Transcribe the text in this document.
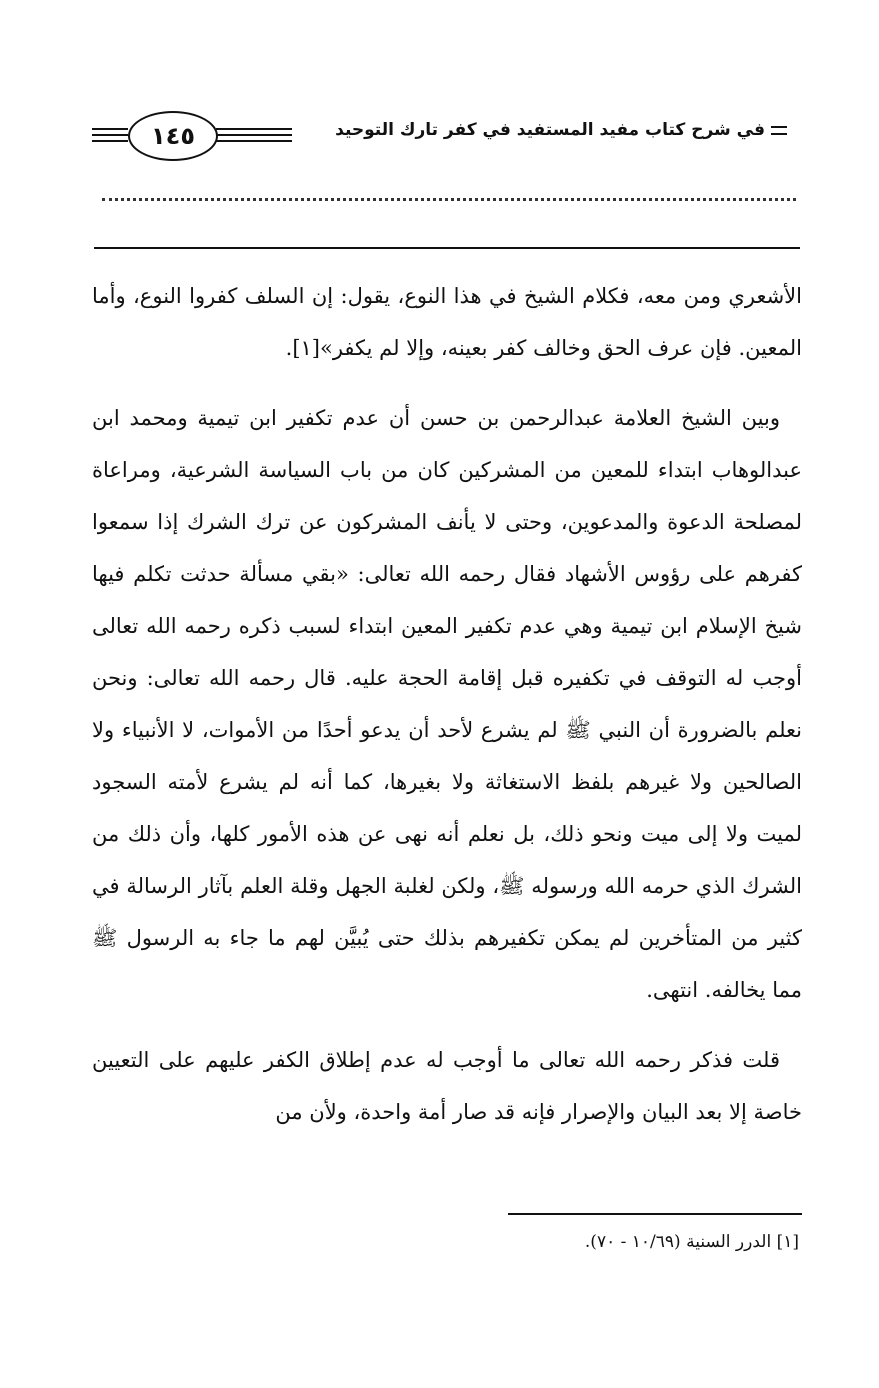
في شرح كتاب مفيد المستفيد في كفر تارك التوحيد
١٤٥

الأشعري ومن معه، فكلام الشيخ في هذا النوع، يقول: إن السلف كفروا النوع، وأما المعين. فإن عرف الحق وخالف كفر بعينه، وإلا لم يكفر»[١].

وبين الشيخ العلامة عبدالرحمن بن حسن أن عدم تكفير ابن تيمية ومحمد ابن عبدالوهاب ابتداء للمعين من المشركين كان من باب السياسة الشرعية، ومراعاة لمصلحة الدعوة والمدعوين، وحتى لا يأنف المشركون عن ترك الشرك إذا سمعوا كفرهم على رؤوس الأشهاد فقال رحمه الله تعالى: «بقي مسألة حدثت تكلم فيها شيخ الإسلام ابن تيمية وهي عدم تكفير المعين ابتداء لسبب ذكره رحمه الله تعالى أوجب له التوقف في تكفيره قبل إقامة الحجة عليه. قال رحمه الله تعالى: ونحن نعلم بالضرورة أن النبي ﷺ لم يشرع لأحد أن يدعو أحدًا من الأموات، لا الأنبياء ولا الصالحين ولا غيرهم بلفظ الاستغاثة ولا بغيرها، كما أنه لم يشرع لأمته السجود لميت ولا إلى ميت ونحو ذلك، بل نعلم أنه نهى عن هذه الأمور كلها، وأن ذلك من الشرك الذي حرمه الله ورسوله ﷺ، ولكن لغلبة الجهل وقلة العلم بآثار الرسالة في كثير من المتأخرين لم يمكن تكفيرهم بذلك حتى يُبيَّن لهم ما جاء به الرسول ﷺ مما يخالفه. انتهى.

قلت فذكر رحمه الله تعالى ما أوجب له عدم إطلاق الكفر عليهم على التعيين خاصة إلا بعد البيان والإصرار فإنه قد صار أمة واحدة، ولأن من

[١] الدرر السنية (١٠/٦٩ - ٧٠).
